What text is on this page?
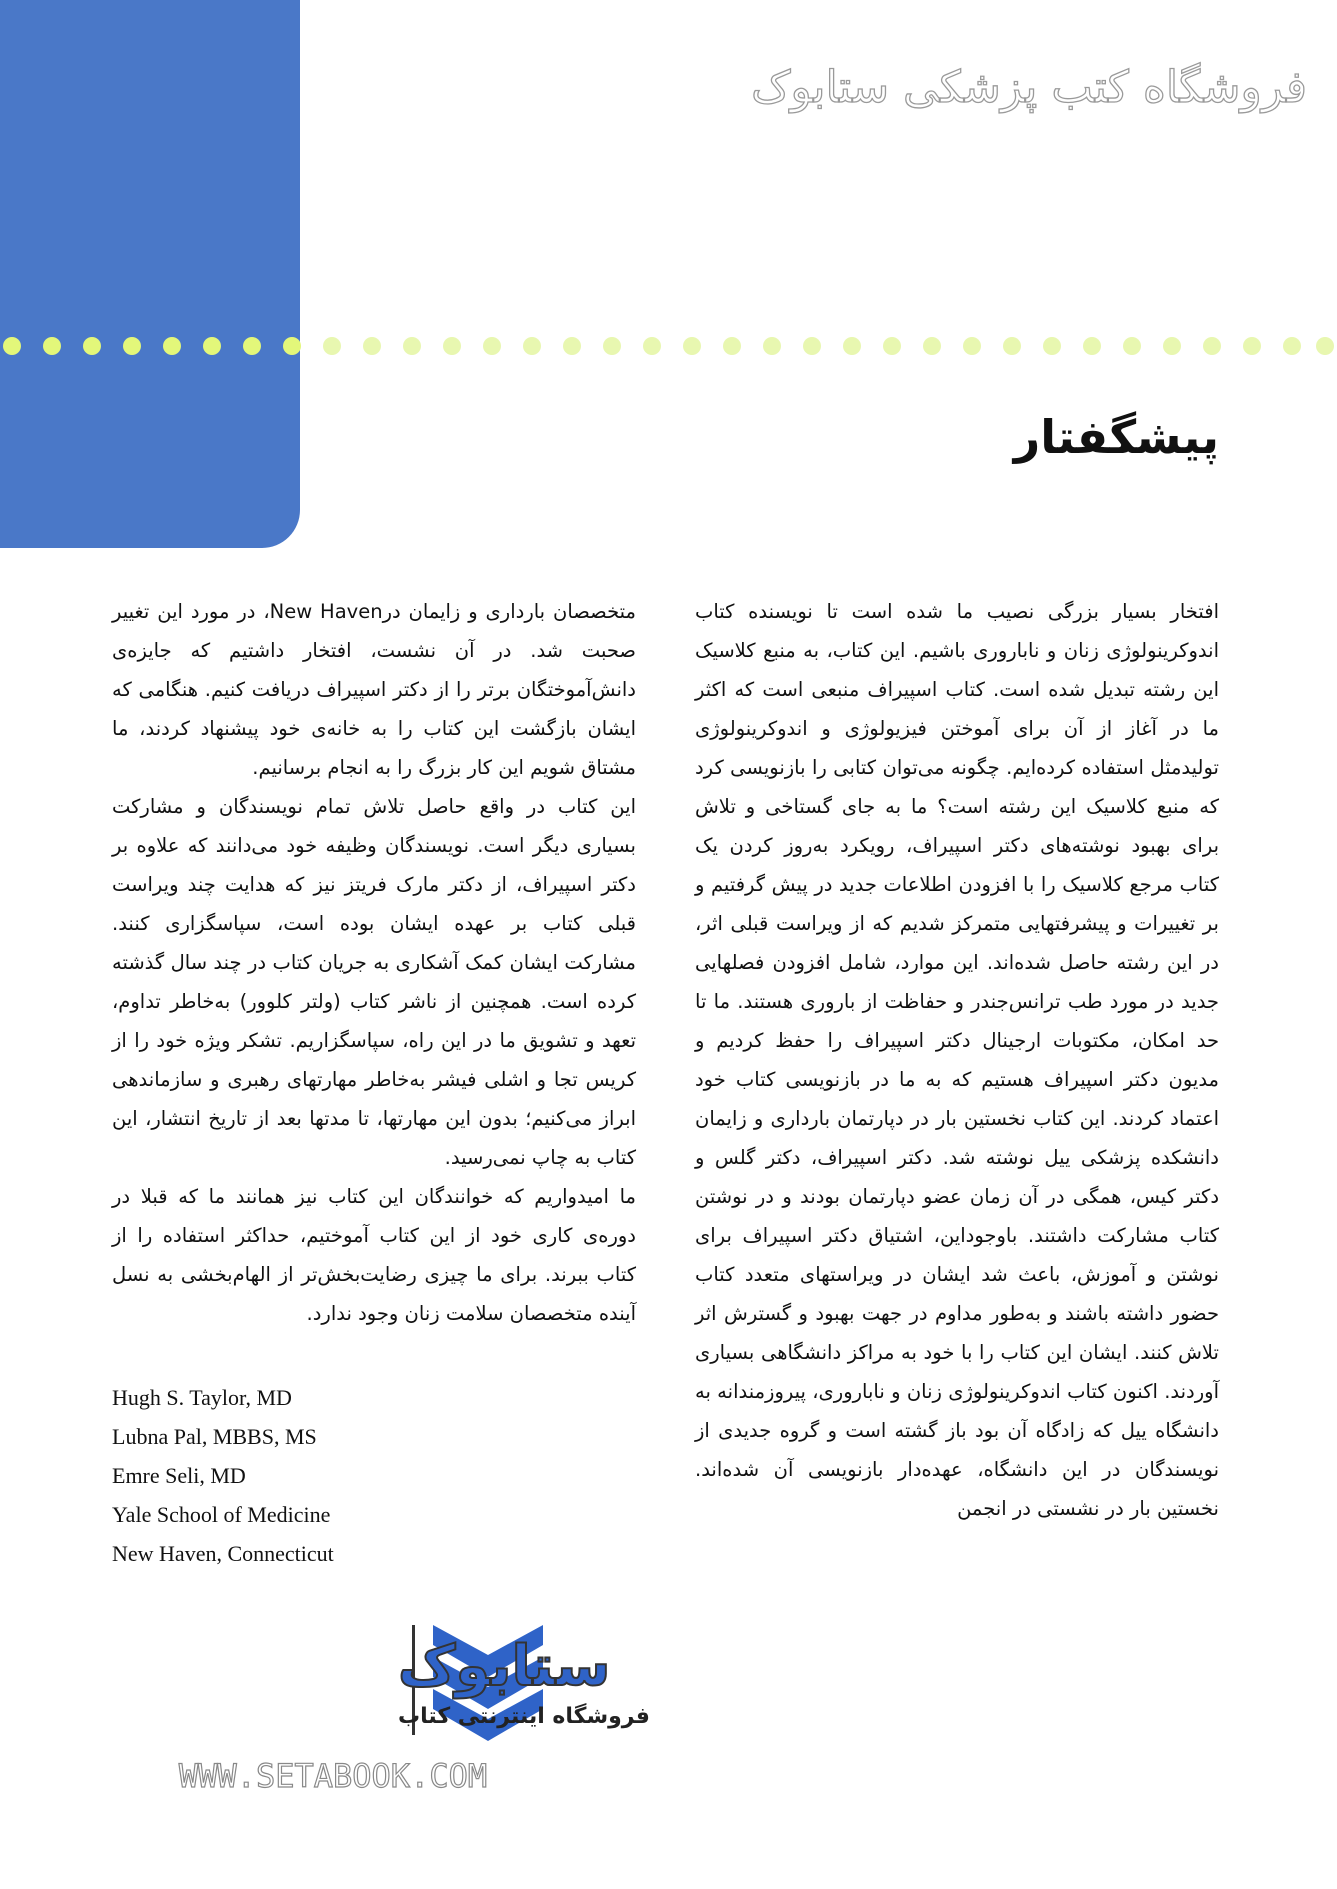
فروشگاه کتب پزشکی ستابوک
پیشگفتار

افتخار بسیار بزرگی نصیب ما شده است تا نویسنده کتاب اندوکرینولوژی زنان و ناباروری باشیم. این کتاب، به منبع کلاسیک این رشته تبدیل شده است. کتاب اسپیراف منبعی است که اکثر ما در آغاز از آن برای آموختن فیزیولوژی و اندوکرینولوژی تولیدمثل استفاده کرده‌ایم. چگونه می‌توان کتابی را بازنویسی کرد که منبع کلاسیک این رشته است؟ ما به جای گستاخی و تلاش برای بهبود نوشته‌های دکتر اسپیراف، رویکرد به‌روز کردن یک کتاب مرجع کلاسیک را با افزودن اطلاعات جدید در پیش گرفتیم و بر تغییرات و پیشرفتهایی متمرکز شدیم که از ویراست قبلی اثر، در این رشته حاصل شده‌اند. این موارد، شامل افزودن فصلهایی جدید در مورد طب ترانس‌جندر و حفاظت از باروری هستند. ما تا حد امکان، مکتوبات ارجینال دکتر اسپیراف را حفظ کردیم و مدیون دکتر اسپیراف هستیم که به ما در بازنویسی کتاب خود اعتماد کردند. این کتاب نخستین بار در دپارتمان بارداری و زایمان دانشکده پزشکی ییل نوشته شد. دکتر اسپیراف، دکتر گلس و دکتر کیس، همگی در آن زمان عضو دپارتمان بودند و در نوشتن کتاب مشارکت داشتند. باوجوداین، اشتیاق دکتر اسپیراف برای نوشتن و آموزش، باعث شد ایشان در ویراستهای متعدد کتاب حضور داشته باشند و به‌طور مداوم در جهت بهبود و گسترش اثر تلاش کنند. ایشان این کتاب را با خود به مراکز دانشگاهی بسیاری آوردند. اکنون کتاب اندوکرینولوژی زنان و ناباروری، پیروزمندانه به دانشگاه ییل که زادگاه آن بود باز گشته است و گروه جدیدی از نویسندگان در این دانشگاه، عهده‌دار بازنویسی آن شده‌اند. نخستین بار در نشستی در انجمن

متخصصان بارداری و زایمان درNew Haven، در مورد این تغییر صحبت شد. در آن نشست، افتخار داشتیم که جایزه‌ی دانش‌آموختگان برتر را از دکتر اسپیراف دریافت کنیم. هنگامی که ایشان بازگشت این کتاب را به خانه‌ی خود پیشنهاد کردند، ما مشتاق شویم این کار بزرگ را به انجام برسانیم.

این کتاب در واقع حاصل تلاش تمام نویسندگان و مشارکت بسیاری دیگر است. نویسندگان وظیفه خود می‌دانند که علاوه بر دکتر اسپیراف، از دکتر مارک فریتز نیز که هدایت چند ویراست قبلی کتاب بر عهده ایشان بوده است، سپاسگزاری کنند. مشارکت ایشان کمک آشکاری به جریان کتاب در چند سال گذشته کرده است. همچنین از ناشر کتاب (ولتر کلوور) به‌خاطر تداوم، تعهد و تشویق ما در این راه، سپاسگزاریم. تشکر ویژه خود را از کریس تجا و اشلی فیشر به‌خاطر مهارتهای رهبری و سازماندهی ابراز می‌کنیم؛ بدون این مهارتها، تا مدتها بعد از تاریخ انتشار، این کتاب به چاپ نمی‌رسید.

ما امیدواریم که خوانندگان این کتاب نیز همانند ما که قبلا در دوره‌ی کاری خود از این کتاب آموختیم، حداکثر استفاده را از کتاب ببرند. برای ما چیزی رضایت‌بخش‌تر از الهام‌بخشی به نسل آینده متخصصان سلامت زنان وجود ندارد.

Hugh S. Taylor, MD
Lubna Pal, MBBS, MS
Emre Seli, MD
Yale School of Medicine
New Haven, Connecticut
ستابوک
فروشگاه اینترنتی کتاب
WWW.SETABOOK.COM
